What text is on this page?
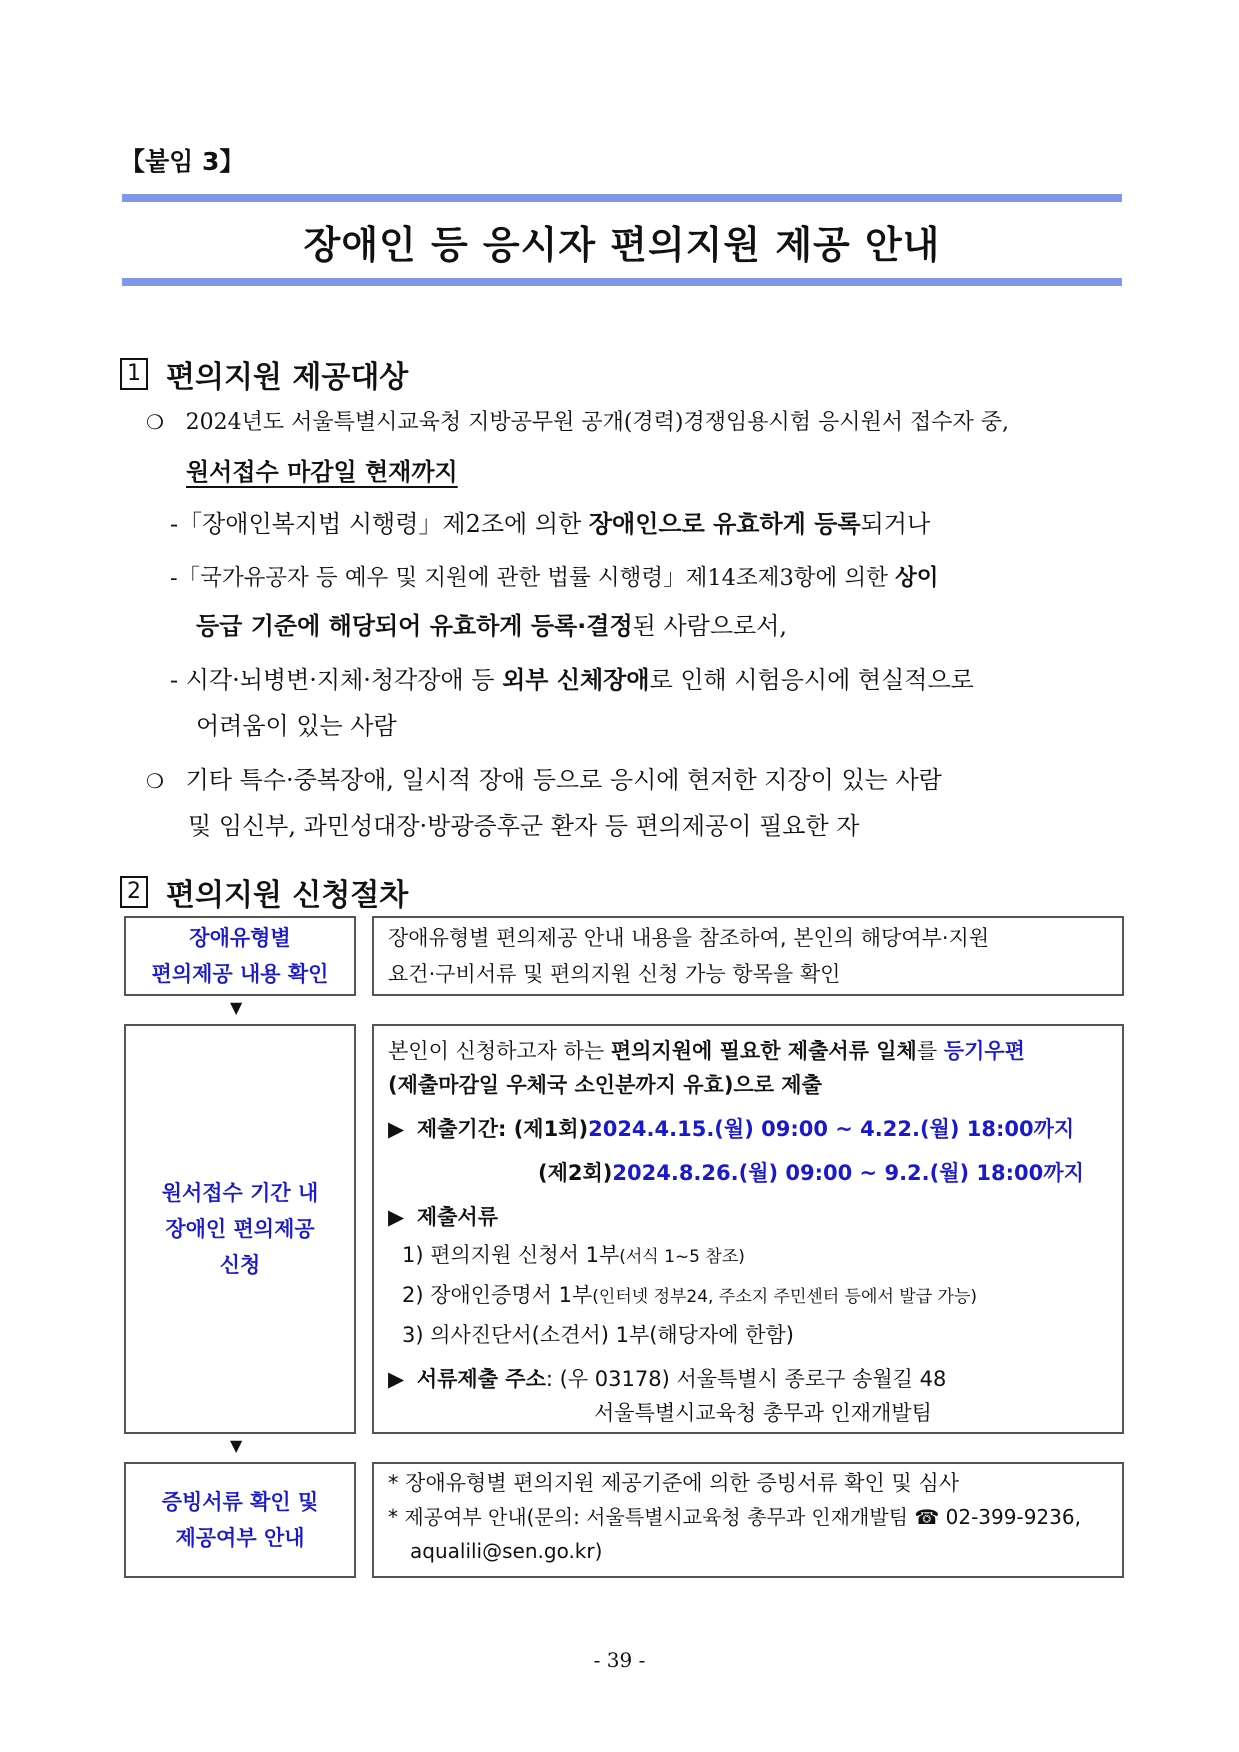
【붙임 3】
장애인 등 응시자 편의지원 제공 안내
1 편의지원 제공대상
❍ 2024년도 서울특별시교육청 지방공무원 공개(경력)경쟁임용시험 응시원서 접수자 중,
원서접수 마감일 현재까지
-「장애인복지법 시행령」제2조에 의한 장애인으로 유효하게 등록되거나
-「국가유공자 등 예우 및 지원에 관한 법률 시행령」제14조제3항에 의한 상이
등급 기준에 해당되어 유효하게 등록·결정된 사람으로서,
- 시각·뇌병변·지체·청각장애 등 외부 신체장애로 인해 시험응시에 현실적으로
어려움이 있는 사람
❍ 기타 특수·중복장애, 일시적 장애 등으로 응시에 현저한 지장이 있는 사람
및 임신부, 과민성대장·방광증후군 환자 등 편의제공이 필요한 자
2 편의지원 신청절차
장애유형별
편의제공 내용 확인
장애유형별 편의제공 안내 내용을 참조하여, 본인의 해당여부·지원
요건·구비서류 및 편의지원 신청 가능 항목을 확인
▼
원서접수 기간 내
장애인 편의제공
신청
본인이 신청하고자 하는 편의지원에 필요한 제출서류 일체를 등기우편
(제출마감일 우체국 소인분까지 유효)으로 제출
▶ 제출기간: (제1회)2024.4.15.(월) 09:00 ~ 4.22.(월) 18:00까지
(제2회)2024.8.26.(월) 09:00 ~ 9.2.(월) 18:00까지
▶ 제출서류
1) 편의지원 신청서 1부(서식 1~5 참조)
2) 장애인증명서 1부(인터넷 정부24, 주소지 주민센터 등에서 발급 가능)
3) 의사진단서(소견서) 1부(해당자에 한함)
▶ 서류제출 주소: (우 03178) 서울특별시 종로구 송월길 48
서울특별시교육청 총무과 인재개발팀
▼
증빙서류 확인 및
제공여부 안내
* 장애유형별 편의지원 제공기준에 의한 증빙서류 확인 및 심사
* 제공여부 안내(문의: 서울특별시교육청 총무과 인재개발팀 ☎ 02-399-9236,
aqualili@sen.go.kr)
- 39 -
